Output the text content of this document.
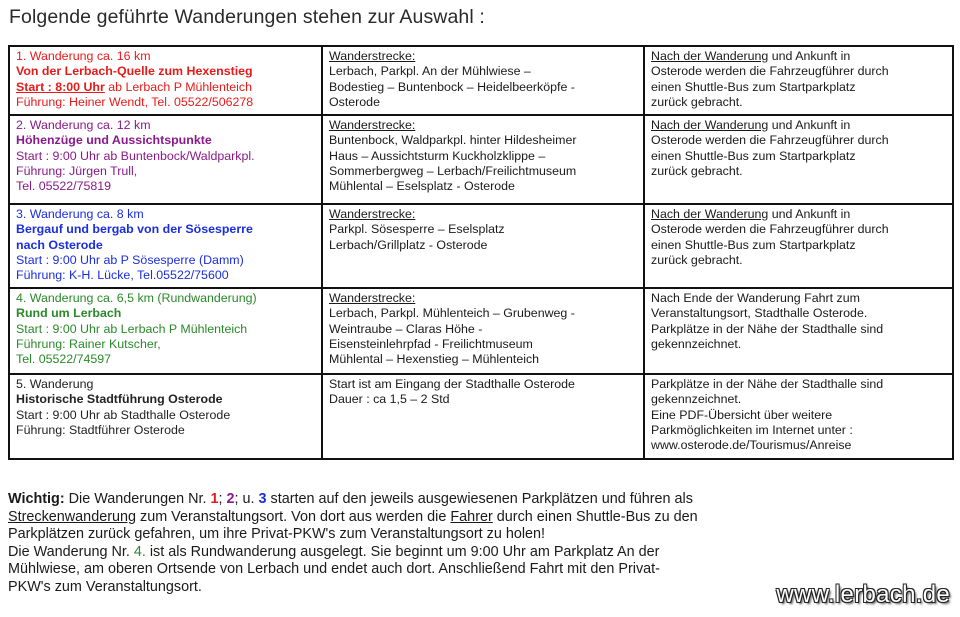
Folgende geführte Wanderungen stehen zur Auswahl :
1. Wanderung ca. 16 km
Von der Lerbach-Quelle zum Hexenstieg
Start : 8:00 Uhr ab Lerbach P Mühlenteich
Führung: Heiner Wendt, Tel. 05522/506278	Wanderstrecke:
Lerbach, Parkpl. An der Mühlwiese –
Bodestieg – Buntenbock – Heidelbeerköpfe -
Osterode	Nach der Wanderung und Ankunft in
Osterode werden die Fahrzeugführer durch
einen Shuttle-Bus zum Startparkplatz
zurück gebracht.

2. Wanderung ca. 12 km
Höhenzüge und Aussichtspunkte
Start : 9:00 Uhr ab Buntenbock/Waldparkpl.
Führung: Jürgen Trull,
Tel. 05522/75819	Wanderstrecke:
Buntenbock, Waldparkpl. hinter Hildesheimer
Haus – Aussichtsturm Kuckholzklippe –
Sommerbergweg – Lerbach/Freilichtmuseum
Mühlental – Eselsplatz - Osterode	Nach der Wanderung und Ankunft in
Osterode werden die Fahrzeugführer durch
einen Shuttle-Bus zum Startparkplatz
zurück gebracht.

3. Wanderung ca. 8 km
Bergauf und bergab von der Sösesperre
nach Osterode
Start : 9:00 Uhr ab P Sösesperre (Damm)
Führung: K-H. Lücke, Tel.05522/75600	Wanderstrecke:
Parkpl. Sösesperre – Eselsplatz
Lerbach/Grillplatz - Osterode	Nach der Wanderung und Ankunft in
Osterode werden die Fahrzeugführer durch
einen Shuttle-Bus zum Startparkplatz
zurück gebracht.

4. Wanderung ca. 6,5 km (Rundwanderung)
Rund um Lerbach
Start : 9:00 Uhr ab Lerbach P Mühlenteich
Führung: Rainer Kutscher,
Tel. 05522/74597	Wanderstrecke:
Lerbach, Parkpl. Mühlenteich – Grubenweg -
Weintraube – Claras Höhe -
Eisensteinlehrpfad - Freilichtmuseum
Mühlental – Hexenstieg – Mühlenteich	Nach Ende der Wanderung Fahrt zum
Veranstaltungsort, Stadthalle Osterode.
Parkplätze in der Nähe der Stadthalle sind
gekennzeichnet.

5. Wanderung
Historische Stadtführung Osterode
Start : 9:00 Uhr ab Stadthalle Osterode
Führung: Stadtführer Osterode	Start ist am Eingang der Stadthalle Osterode
Dauer : ca 1,5 – 2 Std	Parkplätze in der Nähe der Stadthalle sind
gekennzeichnet.
Eine PDF-Übersicht über weitere
Parkmöglichkeiten im Internet unter :
www.osterode.de/Tourismus/Anreise
Wichtig: Die Wanderungen Nr. 1; 2; u. 3 starten auf den jeweils ausgewiesenen Parkplätzen und führen als
Streckenwanderung zum Veranstaltungsort. Von dort aus werden die Fahrer durch einen Shuttle-Bus zu den
Parkplätzen zurück gefahren, um ihre Privat-PKW's zum Veranstaltungsort zu holen!
Die Wanderung Nr. 4. ist als Rundwanderung ausgelegt. Sie beginnt um 9:00 Uhr am Parkplatz An der
Mühlwiese, am oberen Ortsende von Lerbach und endet auch dort. Anschließend Fahrt mit den Privat-
PKW's zum Veranstaltungsort.	www.lerbach.de
